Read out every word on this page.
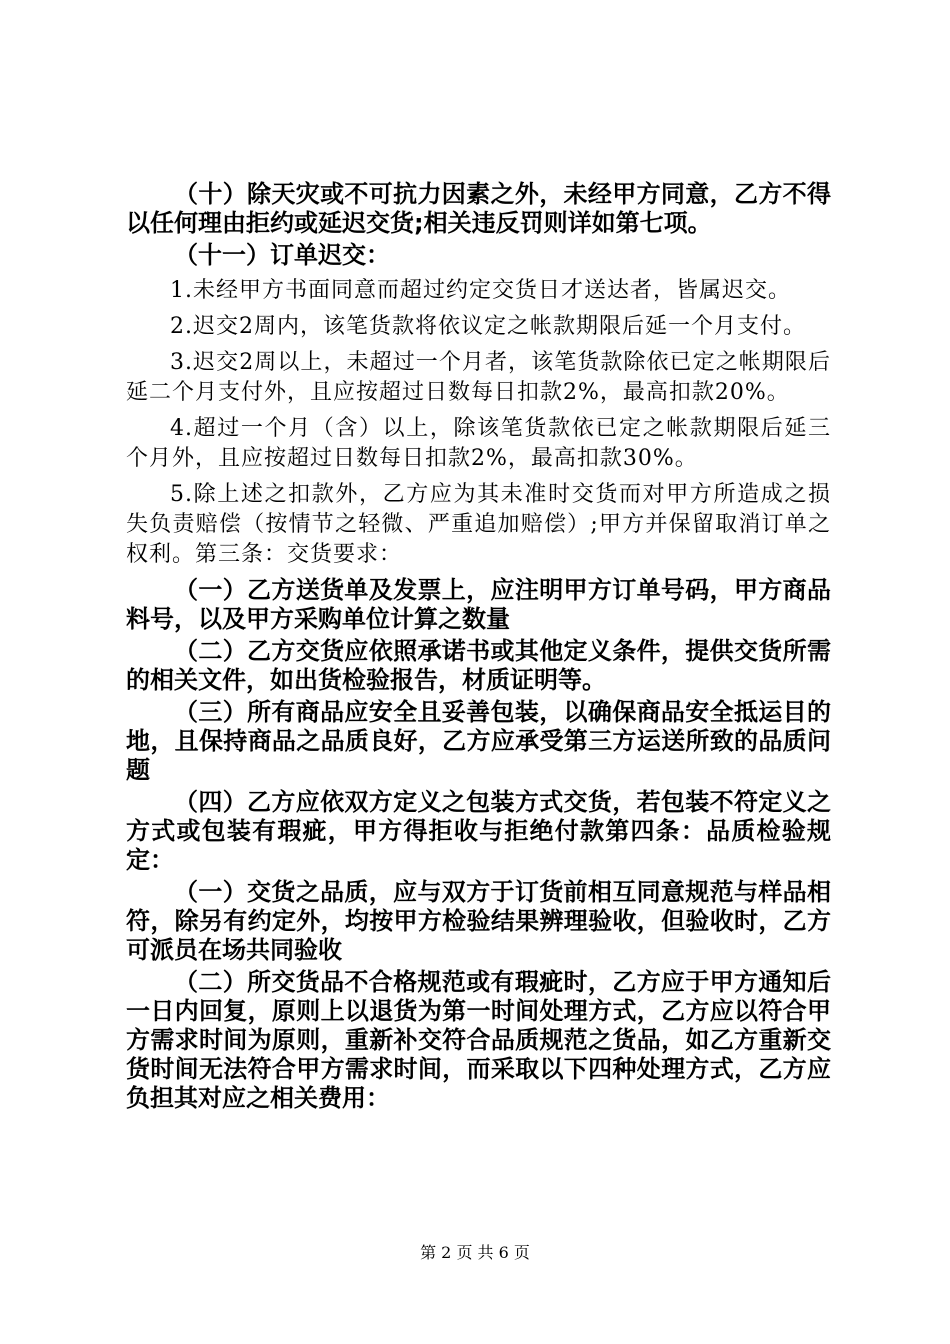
（十）除天灾或不可抗力因素之外，未经甲方同意，乙方不得以任何理由拒约或延迟交货;相关违反罚则详如第七项。

（十一）订单迟交：

1.未经甲方书面同意而超过约定交货日才送达者，皆属迟交。

2.迟交2周内，该笔货款将依议定之帐款期限后延一个月支付。

3.迟交2周以上，未超过一个月者，该笔货款除依已定之帐期限后延二个月支付外，且应按超过日数每日扣款2%，最高扣款20%。

4.超过一个月（含）以上，除该笔货款依已定之帐款期限后延三个月外，且应按超过日数每日扣款2%，最高扣款30%。

5.除上述之扣款外，乙方应为其未准时交货而对甲方所造成之损失负责赔偿（按情节之轻微、严重追加赔偿）;甲方并保留取消订单之权利。第三条：交货要求：

（一）乙方送货单及发票上，应注明甲方订单号码，甲方商品料号，以及甲方采购单位计算之数量

（二）乙方交货应依照承诺书或其他定义条件，提供交货所需的相关文件，如出货检验报告，材质证明等。

（三）所有商品应安全且妥善包装，以确保商品安全抵运目的地，且保持商品之品质良好，乙方应承受第三方运送所致的品质问题

（四）乙方应依双方定义之包装方式交货，若包装不符定义之方式或包装有瑕疵，甲方得拒收与拒绝付款第四条：品质检验规定：

（一）交货之品质，应与双方于订货前相互同意规范与样品相符，除另有约定外，均按甲方检验结果辨理验收，但验收时，乙方可派员在场共同验收

（二）所交货品不合格规范或有瑕疵时，乙方应于甲方通知后一日内回复，原则上以退货为第一时间处理方式，乙方应以符合甲方需求时间为原则，重新补交符合品质规范之货品，如乙方重新交货时间无法符合甲方需求时间，而采取以下四种处理方式，乙方应负担其对应之相关费用：

第 2 页 共 6 页
